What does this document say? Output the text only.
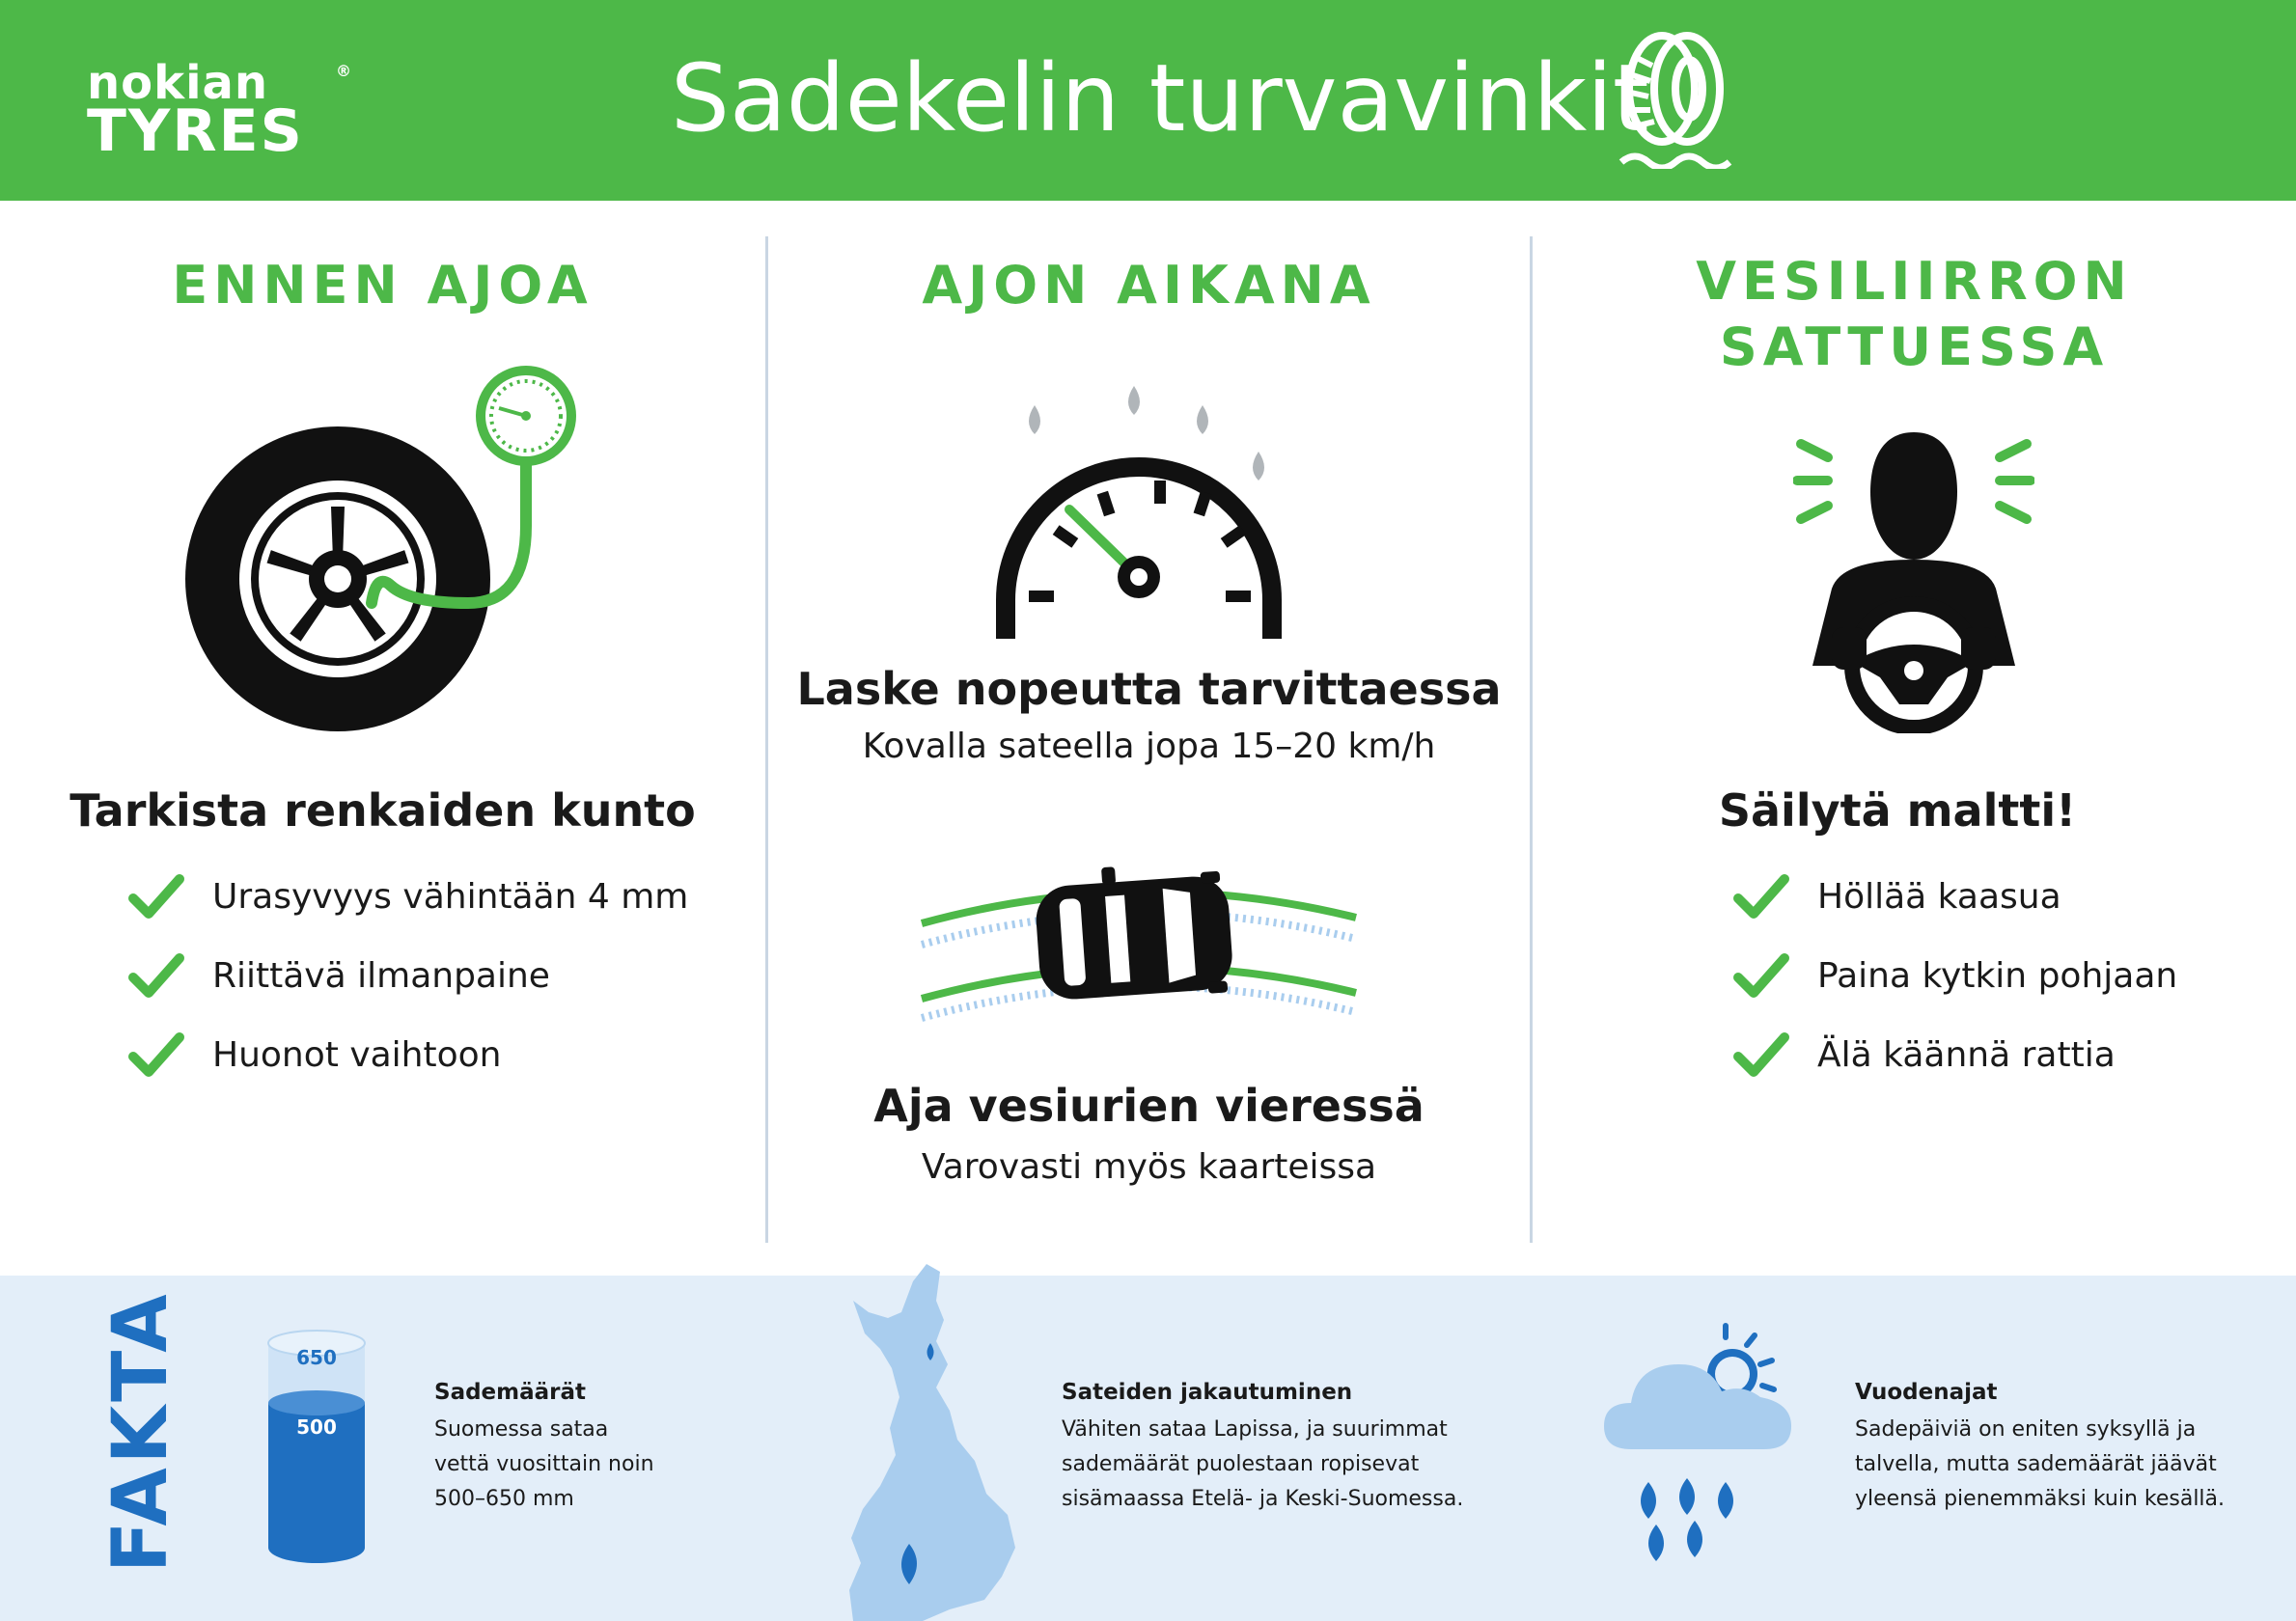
nokian
TYRES
®	Sadekelin turvavinkit
ENNEN AJOA
Tarkista renkaiden kunto
Urasyvyys vähintään 4 mm
Riittävä ilmanpaine
Huonot vaihtoon
AJON AIKANA
Laske nopeutta tarvittaessa
Kovalla sateella jopa 15–20 km/h
Aja vesiurien vieressä
Varovasti myös kaarteissa
VESILIIRRON
SATTUESSA
Säilytä maltti!
Höllää kaasua
Paina kytkin pohjaan
Älä käännä rattia
FAKTA	650
500
Sademäärät
Suomessa sataa
vettä vuosittain noin
500–650 mm
Sateiden jakautuminen
Vähiten sataa Lapissa, ja suurimmat
sademäärät puolestaan ropisevat
sisämaassa Etelä- ja Keski-Suomessa.
Vuodenajat
Sadepäiviä on eniten syksyllä ja
talvella, mutta sademäärät jäävät
yleensä pienemmäksi kuin kesällä.
